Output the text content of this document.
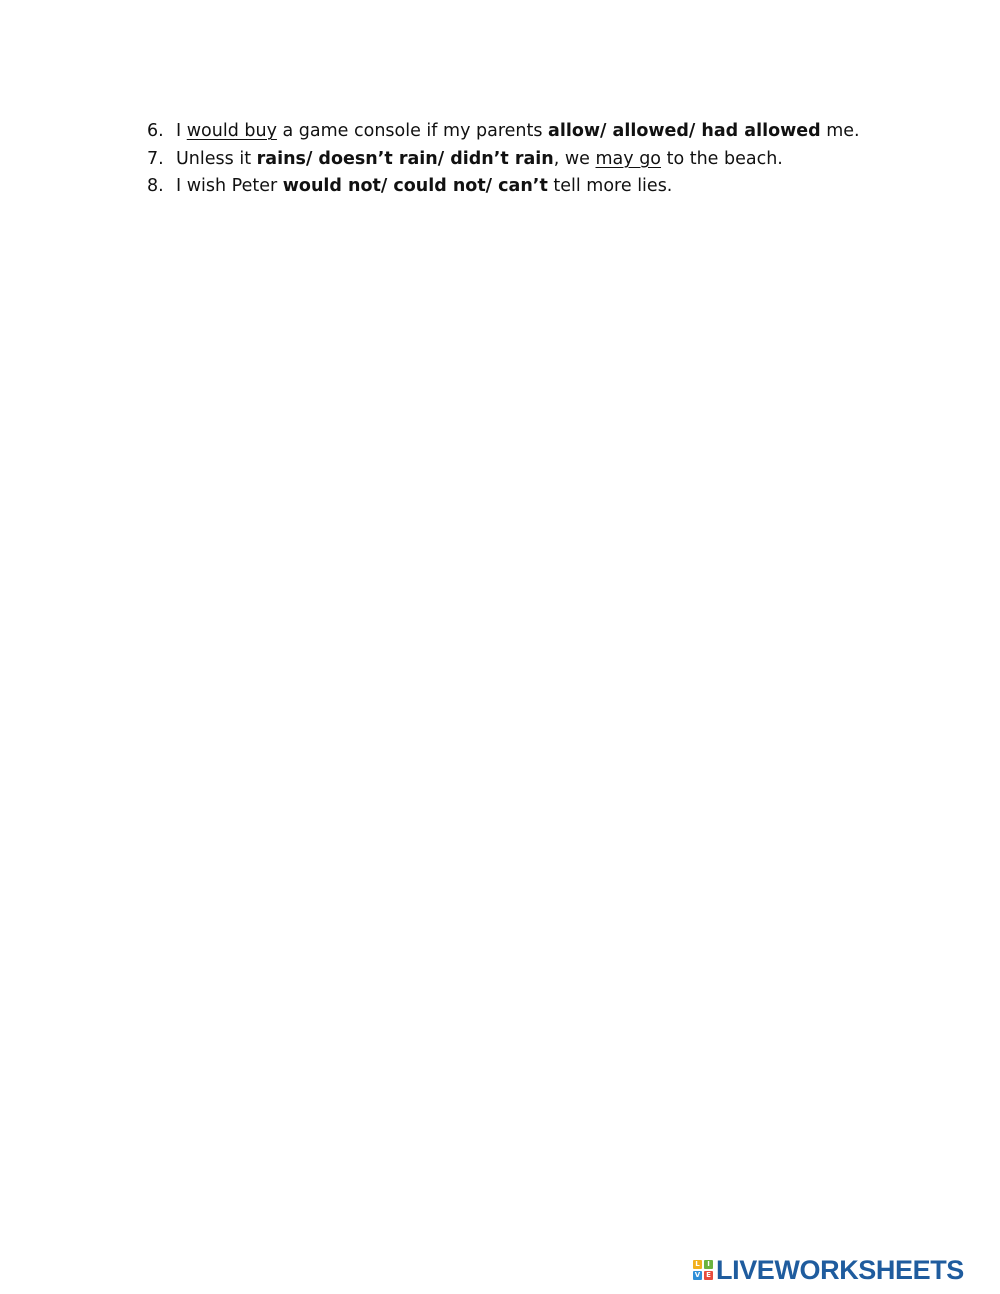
6. I would buy a game console if my parents allow/ allowed/ had allowed me.
7. Unless it rains/ doesn’t rain/ didn’t rain, we may go to the beach.
8. I wish Peter would not/ could not/ can’t tell more lies.
L	I
V E LIVEWORKSHEETS
